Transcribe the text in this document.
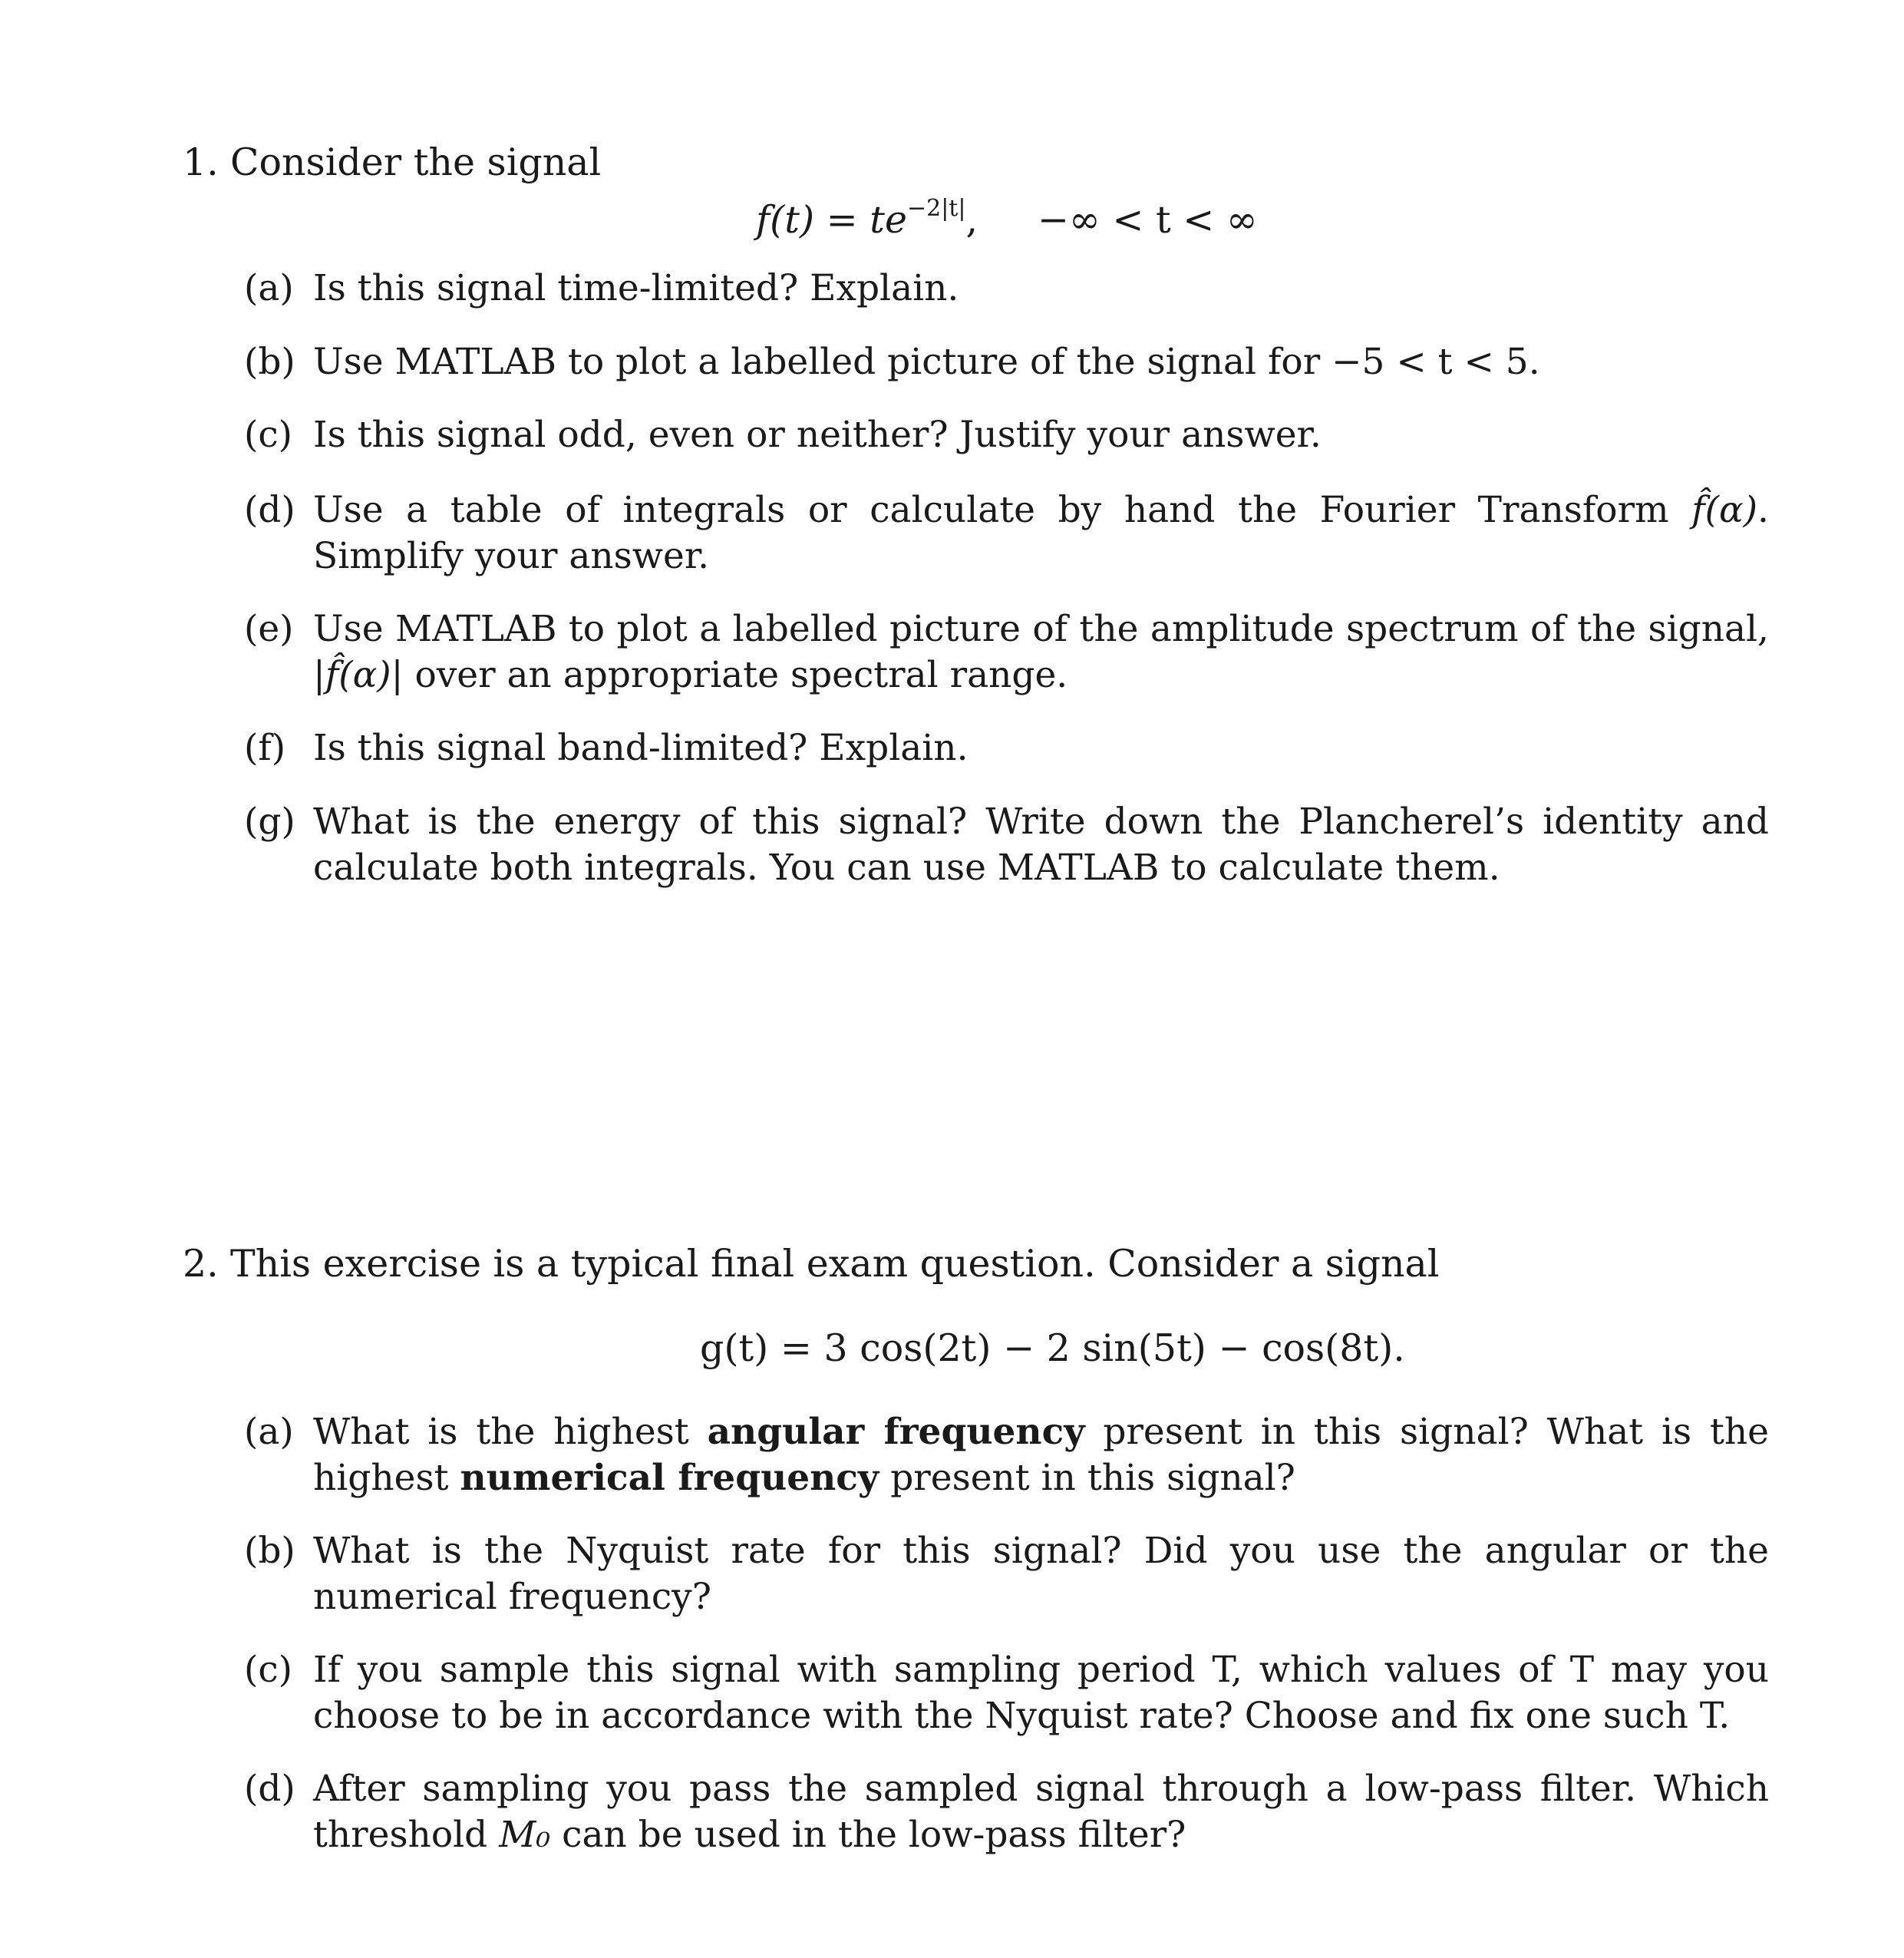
1. Consider the signal
$f(t) = te^{-2|t|}$,     −∞ < t < ∞
(a) Is this signal time-limited? Explain.
(b) Use MATLAB to plot a labelled picture of the signal for −5 < t < 5.
(c) Is this signal odd, even or neither? Justify your answer.
(d) Use a table of integrals or calculate by hand the Fourier Transform f̂(α). Simplify your answer.
(e) Use MATLAB to plot a labelled picture of the amplitude spectrum of the signal, |f̂(α)| over an appropriate spectral range.
(f) Is this signal band-limited? Explain.
(g) What is the energy of this signal? Write down the Plancherel’s identity and calculate both integrals. You can use MATLAB to calculate them.
2. This exercise is a typical final exam question. Consider a signal
g(t) = 3 cos(2t) − 2 sin(5t) − cos(8t).
(a) What is the highest angular frequency present in this signal? What is the highest numerical frequency present in this signal?
(b) What is the Nyquist rate for this signal? Did you use the angular or the numerical frequency?
(c) If you sample this signal with sampling period T, which values of T may you choose to be in accordance with the Nyquist rate? Choose and fix one such T.
(d) After sampling you pass the sampled signal through a low-pass filter. Which threshold M₀ can be used in the low-pass filter?
